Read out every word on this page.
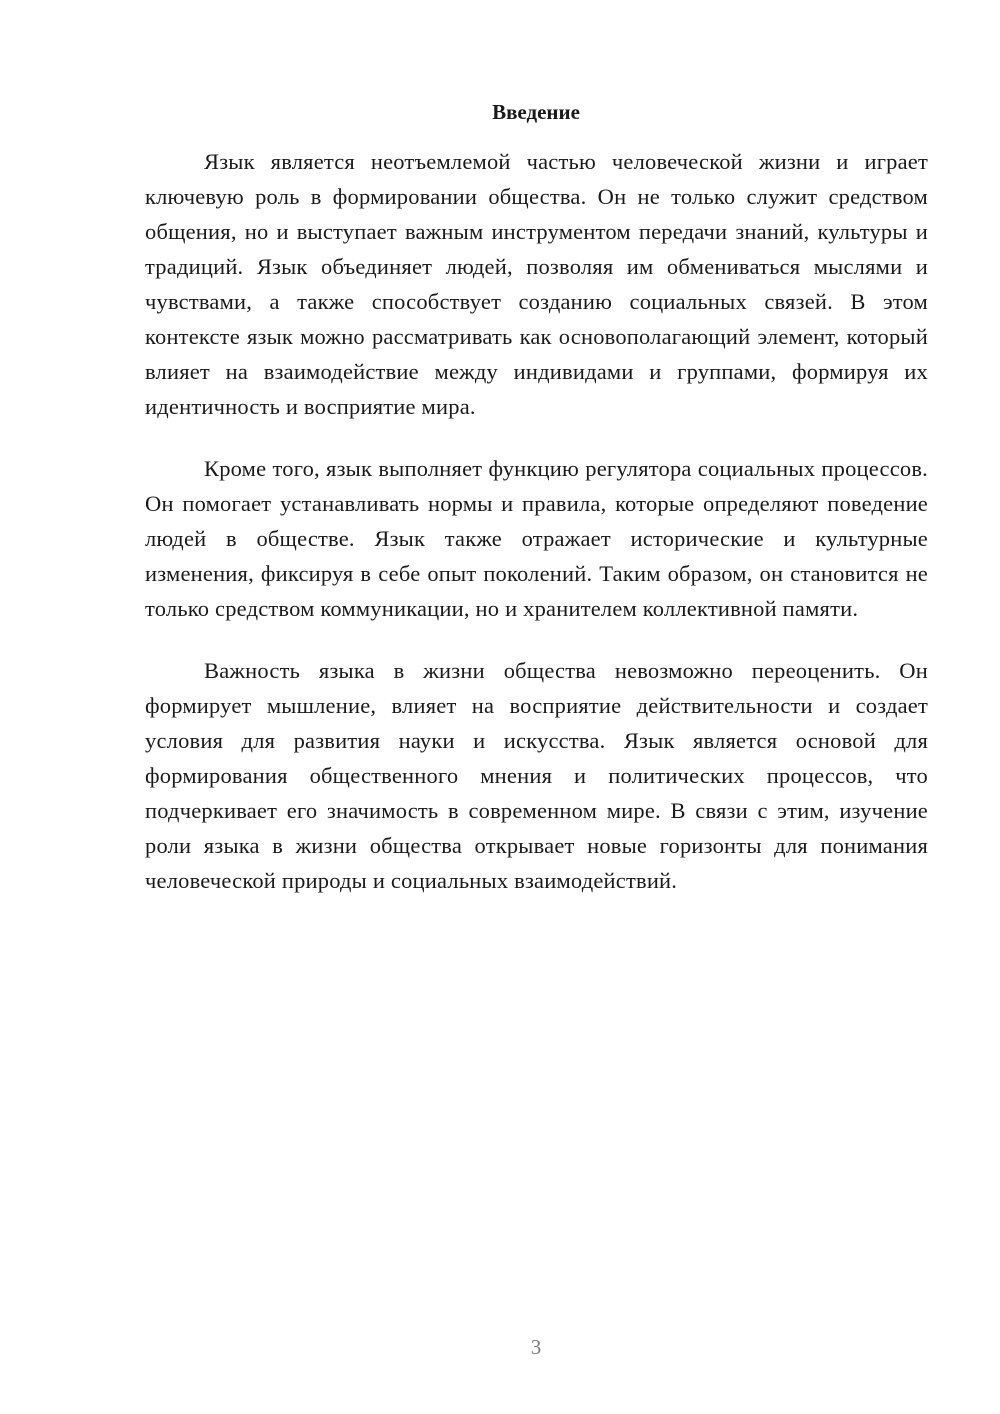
Введение

Язык является неотъемлемой частью человеческой жизни и играет ключевую роль в формировании общества. Он не только служит средством общения, но и выступает важным инструментом передачи знаний, культуры и традиций. Язык объединяет людей, позволяя им обмениваться мыслями и чувствами, а также способствует созданию социальных связей. В этом контексте язык можно рассматривать как основополагающий элемент, который влияет на взаимодействие между индивидами и группами, формируя их идентичность и восприятие мира.

Кроме того, язык выполняет функцию регулятора социальных процессов. Он помогает устанавливать нормы и правила, которые определяют поведение людей в обществе. Язык также отражает исторические и культурные изменения, фиксируя в себе опыт поколений. Таким образом, он становится не только средством коммуникации, но и хранителем коллективной памяти.

Важность языка в жизни общества невозможно переоценить. Он формирует мышление, влияет на восприятие действительности и создает условия для развития науки и искусства. Язык является основой для формирования общественного мнения и политических процессов, что подчеркивает его значимость в современном мире. В связи с этим, изучение роли языка в жизни общества открывает новые горизонты для понимания человеческой природы и социальных взаимодействий.

3
